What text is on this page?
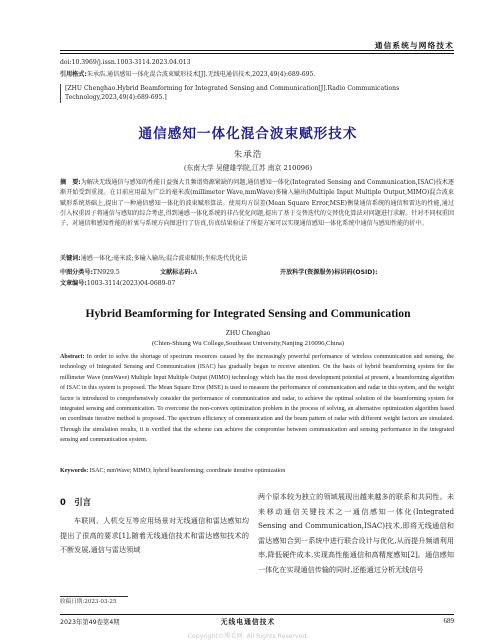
通信系统与网络技术
doi:10.3969/j.issn.1003-3114.2023.04.013
引用格式:朱承浩.通信感知一体化混合波束赋形技术[J].无线电通信技术,2023,49(4):689-695.
[ZHU Chenghao.Hybrid Beamforming for Integrated Sensing and Communication[J].Radio Communications Technology,2023,49(4):689-695.]
通信感知一体化混合波束赋形技术
朱承浩
(东南大学 吴健雄学院,江苏 南京 210096)
摘　要:为解决无线通信与感知的性能日益强大且频谱资源紧缺的问题,通信感知一体化(Integrated Sensing and Communication,ISAC)技术逐渐开始受到重视。在目前应用最为广泛的毫米波(millimeter Wave,mmWave)多输入输出(Multiple Input Multiple Output,MIMO)混合波束赋形系统基础上,提出了一种通信感知一体化的波束赋形算法。使用均方误差(Mean Square Error,MSE)衡量通信系统的通信和雷达的性能,通过引入权重因子将通信与感知的综合考虑,得到通感一体化系统的非凸优化问题,提出了基于交替迭代的交替优化算法对问题进行求解。针对不同权重因子、对通信和感知性能的折衷与系统方向图进行了仿真,仿真结果验证了所提方案可以实现通信感知一体化系统中通信与感知性能的折中。
关键词:通感一体化;毫米波;多输入输出;混合波束赋形;坐标迭代优化法
中图分类号:TN929.5	文献标志码:A	开放科学(资源服务)标识码(OSID):
文章编号:1003-3114(2023)04-0689-07
Hybrid Beamforming for Integrated Sensing and Communication
ZHU Chenghao
(Chien-Shiung Wu College,Southeast University,Nanjing 210096,China)
Abstract: In order to solve the shortage of spectrum resources caused by the increasingly powerful performance of wireless communication and sensing, the technology of Integrated Sensing and Communication (ISAC) has gradually begun to receive attention. On the basis of hybrid beamforming system for the millimeter Wave (mmWave) Multiple Input Multiple Output (MIMO) technology which has the most development potential at present, a beamforming algorithm of ISAC in this system is proposed. The Mean Square Error (MSE) is used to measure the performance of communication and radar in this system, and the weight factor is introduced to comprehensively consider the performance of communication and radar, to achieve the optimal solution of the beamforming system for integrated sensing and communication. To overcome the non-convex optimization problem in the process of solving, an alternative optimization algorithm based on coordinate iterative method is proposed. The spectrum efficiency of communication and the beam pattern of radar with different weight factors are simulated. Through the simulation results, it is verified that the scheme can achieve the compromise between communication and sensing performance in the integrated sensing and communication system.
Keywords: ISAC; mmWave; MIMO; hybrid beamforming; coordinate iterative optimization
0　引言
车联网、人机交互等应用场景对无线通信和雷达感知均提出了很高的要求[1],随着无线通信技术和雷达感知技术的不断发展,通信与雷达领域
两个原本较为独立的领域展现出越来越多的联系和共同性。未来移动通信关键技术之一通信感知一体化(Integrated Sensing and Communication,ISAC)技术,即将无线通信和雷达感知合到一系统中进行联合设计与优化,从而提升频谱利用率,降低硬件成本,实现高性能通信和高精度感知[2]。通信感知一体化在实现通信传输的同时,还能通过分析无线信号
收稿日期:2023-03-25
2023年第49卷第4期	无线电通信技术	689
Copyright©博看网. All Rights Reserved.
